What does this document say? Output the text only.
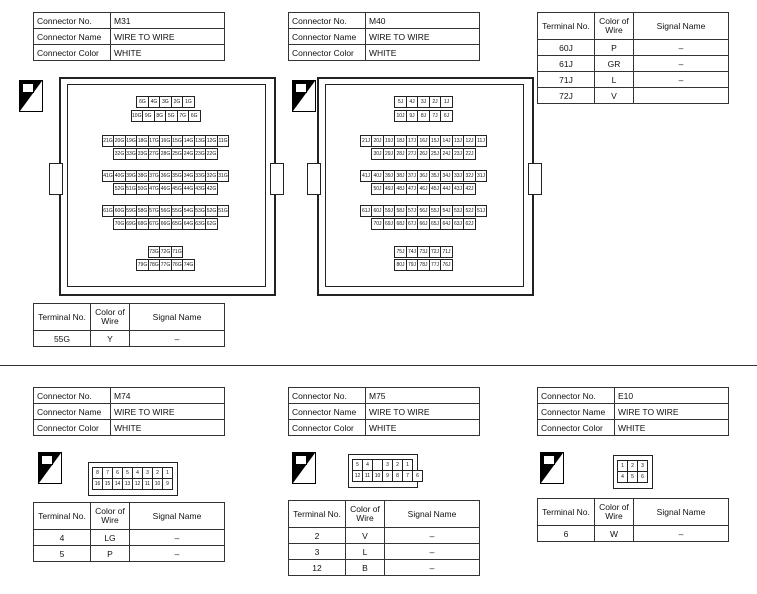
Connector No.	M31
Connector Name	WIRE TO WIRE
Connector Color	WHITE
H.S.
6G 4G 3G 2G 1G
10G 9G 8G 5G 7G 6G
21G 20G 19G 18G 17G 16G 15G 14G 13G 12G 11G
32G 33G 33G 27G 28G 25G 24G 23G 22G
41G 40G 39G 38G 37G 36G 35G 34G 33G 32G 31G
52G 51G 50G 47G 46G 45G 44G 43G 42G
61G 60G 59G 58G 57G 56G 55G 54G 53G 52G 51G
70G 69G 68G 67G 66G 65G 64G 63G 62G
73G 72G 71G
79G 78G 77G 76G 74G
Terminal No.	Color of Wire	Signal Name
55G	Y	–
Connector No.	M40
Connector Name	WIRE TO WIRE
Connector Color	WHITE
H.S.
5J	4J	3J	2J	1J
10J 9J	8J	7J	6J
21J 20J 19J 18J 17J 16J 15J 14J 13J 12J 11J
30J 29J 28J 27J 26J 25J 24J 23J 22J
41J 40J 39J 38J 37J 36J 35J 34J 33J 32J 31J
50J 49J 48J 47J 46J 45J 44J 43J 42J
61J 60J 59J 58J 57J 56J 55J 54J 53J 52J 51J
70J 69J 68J 67J 66J 65J 64J 63J 62J
75J 74J 73J 72J 71J
80J 79J 78J 77J 76J
Terminal No.	Color of Wire	Signal Name
60J	P	–
61J	GR	–
71J	L	–
72J	V	
Connector No.	M74
Connector Name	WIRE TO WIRE
Connector Color	WHITE
H.S.
8	7	6	5	4	3	2	1
16 15 14 13 12 11 10	9
Terminal No.	Color of Wire	Signal Name
4	LG	–
5	P	–
Connector No.	M75
Connector Name	WIRE TO WIRE
Connector Color	WHITE
H.S.
5	4	3	2	1
12 11 10	9	8	7	6
Terminal No.	Color of Wire	Signal Name
2	V	–
3	L	–
12	B	–
Connector No.	E10
Connector Name	WIRE TO WIRE
Connector Color	WHITE
H.S.
1	2	3
4	5	6
Terminal No.	Color of Wire	Signal Name
6	W	–
